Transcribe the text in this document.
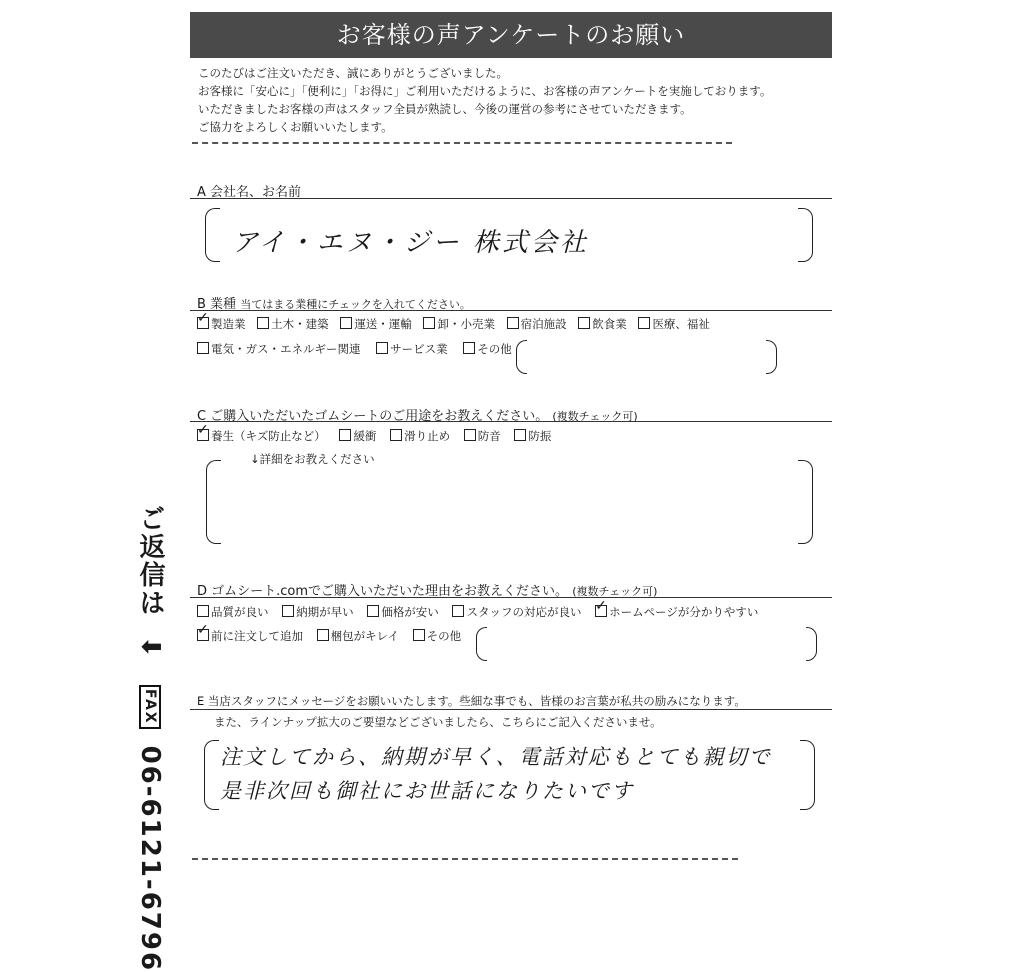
ご返信は ⬇ FAX 06-6121-6796
お客様の声アンケートのお願い
このたびはご注文いただき、誠にありがとうございました。
お客様に「安心に」「便利に」「お得に」ご利用いただけるように、お客様の声アンケートを実施しております。
いただきましたお客様の声はスタッフ全員が熟読し、今後の運営の参考にさせていただきます。
ご協力をよろしくお願いいたします。
A 会社名、お名前
アイ・エヌ・ジー 株式会社
B 業種 当てはまる業種にチェックを入れてください。
✓製造業 土木・建築 運送・運輸 卸・小売業 宿泊施設 飲食業 医療、福祉
電気・ガス・エネルギー関連	サービス業	その他
C ご購入いただいたゴムシートのご用途をお教えください。 (複数チェック可)
✓養生（キズ防止など） 緩衝 滑り止め 防音 防振
↓詳細をお教えください
D ゴムシート.comでご購入いただいた理由をお教えください。 (複数チェック可)
品質が良い 納期が早い 価格が安い スタッフの対応が良い ✓ ホームページが分かりやすい
✓前に注文して追加 梱包がキレイ その他
E 当店スタッフにメッセージをお願いいたします。些細な事でも、皆様のお言葉が私共の励みになります。
また、ラインナップ拡大のご要望などございましたら、こちらにご記入くださいませ。
注文してから、納期が早く、電話対応もとても親切で
是非次回も御社にお世話になりたいです
